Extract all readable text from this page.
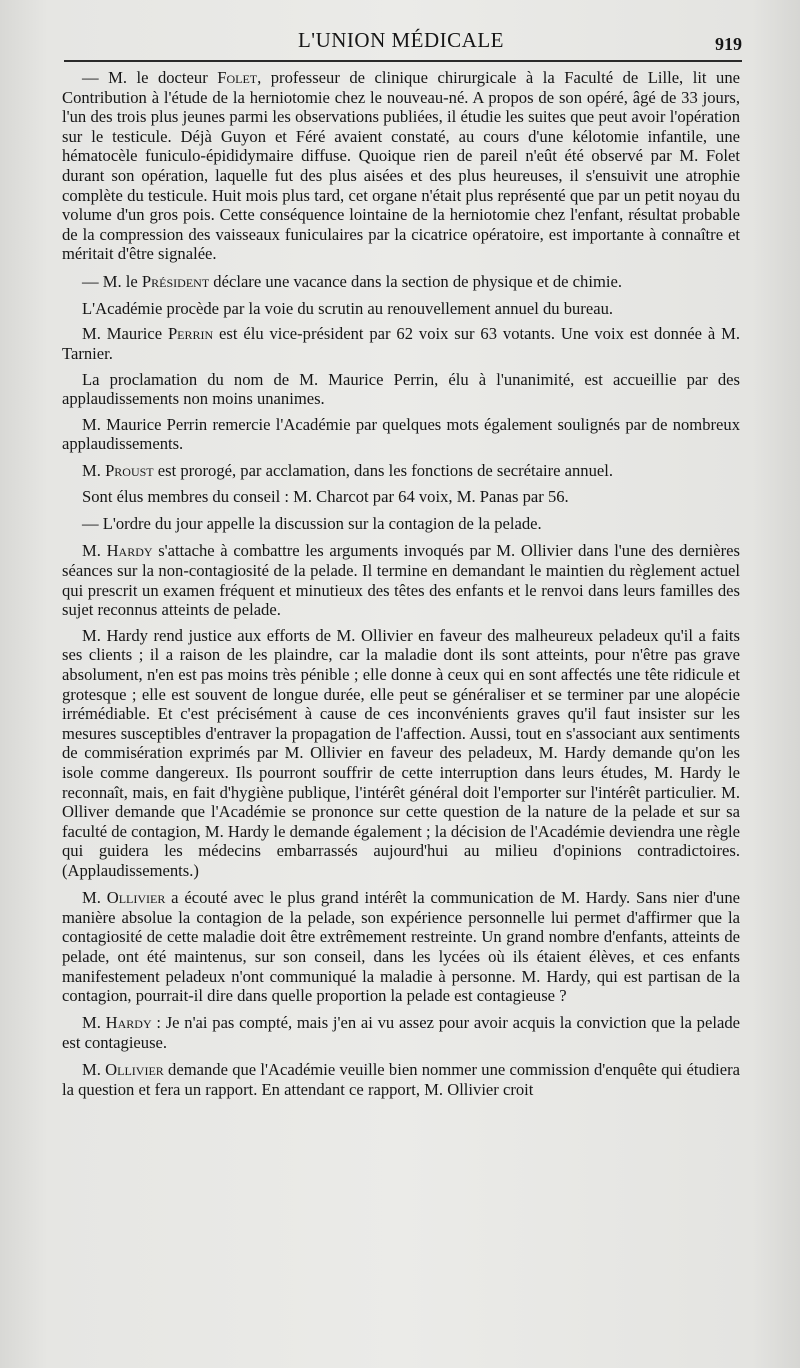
L'UNION MÉDICALE	919

— M. le docteur Folet, professeur de clinique chirurgicale à la Faculté de Lille, lit une Contribution à l'étude de la herniotomie chez le nouveau-né. A propos de son opéré, âgé de 33 jours, l'un des trois plus jeunes parmi les observations publiées, il étudie les suites que peut avoir l'opération sur le testicule. Déjà Guyon et Féré avaient constaté, au cours d'une kélotomie infantile, une hématocèle funiculo-épididymaire diffuse. Quoique rien de pareil n'eût été observé par M. Folet durant son opération, laquelle fut des plus aisées et des plus heureuses, il s'ensuivit une atrophie complète du testicule. Huit mois plus tard, cet organe n'était plus représenté que par un petit noyau du volume d'un gros pois. Cette conséquence lointaine de la herniotomie chez l'enfant, résultat probable de la compression des vaisseaux funiculaires par la cicatrice opératoire, est importante à connaître et méritait d'être signalée.

— M. le Président déclare une vacance dans la section de physique et de chimie.

L'Académie procède par la voie du scrutin au renouvellement annuel du bureau.

M. Maurice Perrin est élu vice-président par 62 voix sur 63 votants. Une voix est donnée à M. Tarnier.

La proclamation du nom de M. Maurice Perrin, élu à l'unanimité, est accueillie par des applaudissements non moins unanimes.

M. Maurice Perrin remercie l'Académie par quelques mots également soulignés par de nombreux applaudissements.

M. Proust est prorogé, par acclamation, dans les fonctions de secrétaire annuel.

Sont élus membres du conseil : M. Charcot par 64 voix, M. Panas par 56.

— L'ordre du jour appelle la discussion sur la contagion de la pelade.

M. Hardy s'attache à combattre les arguments invoqués par M. Ollivier dans l'une des dernières séances sur la non-contagiosité de la pelade. Il termine en demandant le maintien du règlement actuel qui prescrit un examen fréquent et minutieux des têtes des enfants et le renvoi dans leurs familles des sujet reconnus atteints de pelade.

M. Hardy rend justice aux efforts de M. Ollivier en faveur des malheureux peladeux qu'il a faits ses clients ; il a raison de les plaindre, car la maladie dont ils sont atteints, pour n'être pas grave absolument, n'en est pas moins très pénible ; elle donne à ceux qui en sont affectés une tête ridicule et grotesque ; elle est souvent de longue durée, elle peut se généraliser et se terminer par une alopécie irrémédiable. Et c'est précisément à cause de ces inconvénients graves qu'il faut insister sur les mesures susceptibles d'entraver la propagation de l'affection. Aussi, tout en s'associant aux sentiments de commisération exprimés par M. Ollivier en faveur des peladeux, M. Hardy demande qu'on les isole comme dangereux. Ils pourront souffrir de cette interruption dans leurs études, M. Hardy le reconnaît, mais, en fait d'hygiène publique, l'intérêt général doit l'emporter sur l'intérêt particulier. M. Olliver demande que l'Académie se prononce sur cette question de la nature de la pelade et sur sa faculté de contagion, M. Hardy le demande également ; la décision de l'Académie deviendra une règle qui guidera les médecins embarrassés aujourd'hui au milieu d'opinions contradictoires. (Applaudissements.)

M. Ollivier a écouté avec le plus grand intérêt la communication de M. Hardy. Sans nier d'une manière absolue la contagion de la pelade, son expérience personnelle lui permet d'affirmer que la contagiosité de cette maladie doit être extrêmement restreinte. Un grand nombre d'enfants, atteints de pelade, ont été maintenus, sur son conseil, dans les lycées où ils étaient élèves, et ces enfants manifestement peladeux n'ont communiqué la maladie à personne. M. Hardy, qui est partisan de la contagion, pourrait-il dire dans quelle proportion la pelade est contagieuse ?

M. Hardy : Je n'ai pas compté, mais j'en ai vu assez pour avoir acquis la conviction que la pelade est contagieuse.

M. Ollivier demande que l'Académie veuille bien nommer une commission d'enquête qui étudiera la question et fera un rapport. En attendant ce rapport, M. Ollivier croit
